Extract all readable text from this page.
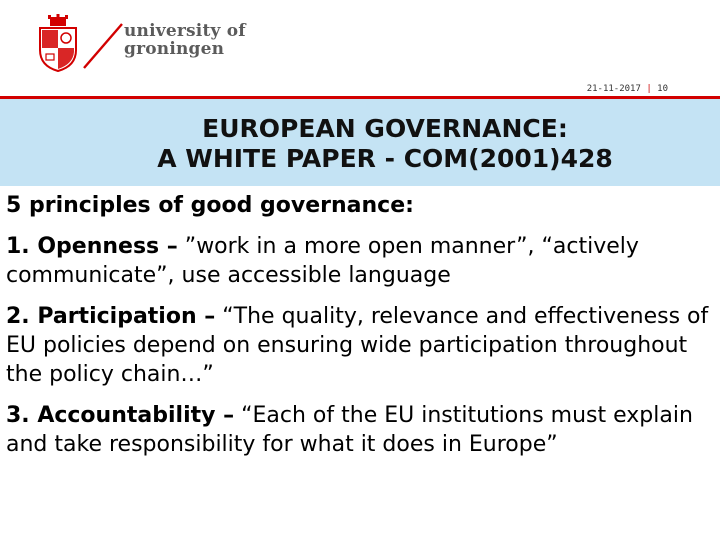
university of
groningen
21-11-2017 | 10
EUROPEAN GOVERNANCE:
A WHITE PAPER - COM(2001)428
5 principles of good governance:
1. Openness – ”work in a more open manner”, “actively communicate”, use accessible language
2. Participation – “The quality, relevance and effectiveness of EU policies depend on ensuring wide participation throughout the policy chain…”
3. Accountability – “Each of the EU institutions must explain and take responsibility for what it does in Europe”
